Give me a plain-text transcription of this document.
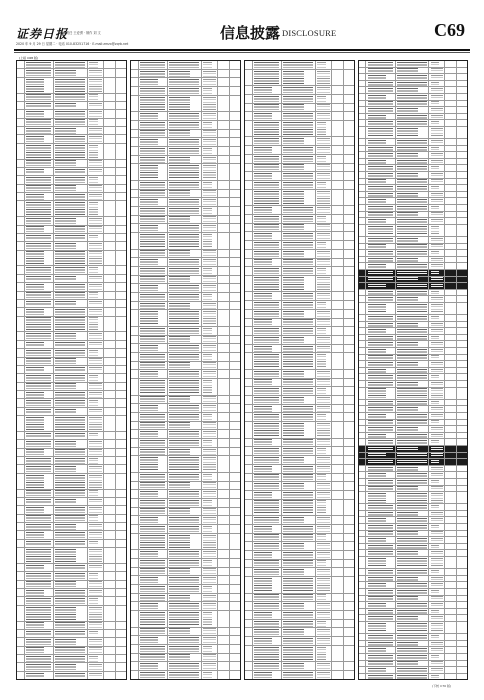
证券日报
责任 王爱勇 · 制作 刘 文
2020 年 9 月 29 日 星期二 · 电话 010-83251716 · E-mail:zmzx@zqrb.net
信息披露 DISCLOSURE	C69
(上接 C68 版)
(下转 C70 版)
